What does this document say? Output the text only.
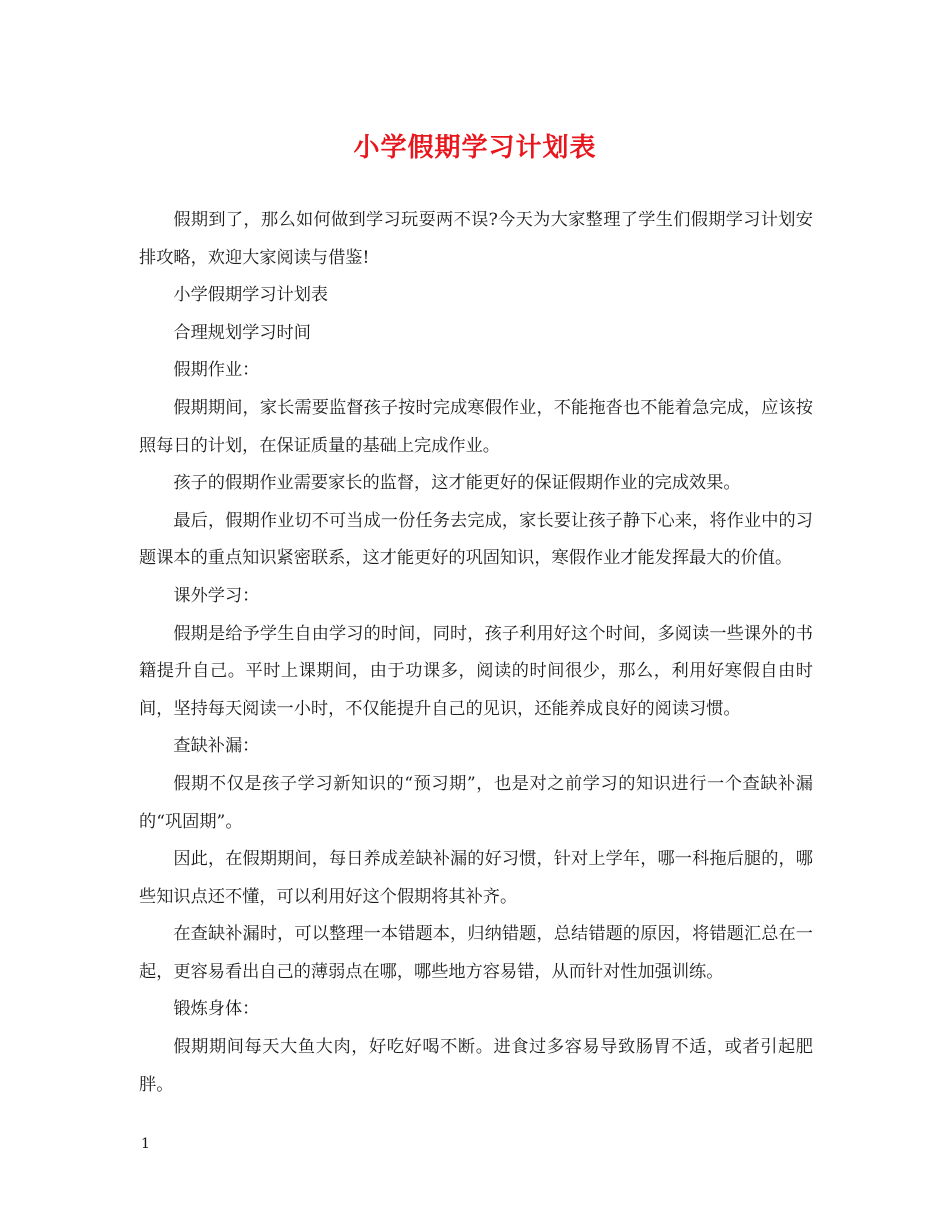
小学假期学习计划表

假期到了，那么如何做到学习玩耍两不误?今天为大家整理了学生们假期学习计划安排攻略，欢迎大家阅读与借鉴!

小学假期学习计划表

合理规划学习时间

假期作业：

假期期间，家长需要监督孩子按时完成寒假作业，不能拖沓也不能着急完成，应该按照每日的计划，在保证质量的基础上完成作业。

孩子的假期作业需要家长的监督，这才能更好的保证假期作业的完成效果。

最后，假期作业切不可当成一份任务去完成，家长要让孩子静下心来，将作业中的习题课本的重点知识紧密联系，这才能更好的巩固知识，寒假作业才能发挥最大的价值。

课外学习：

假期是给予学生自由学习的时间，同时，孩子利用好这个时间，多阅读一些课外的书籍提升自己。平时上课期间，由于功课多，阅读的时间很少，那么，利用好寒假自由时间，坚持每天阅读一小时，不仅能提升自己的见识，还能养成良好的阅读习惯。

查缺补漏：

假期不仅是孩子学习新知识的“预习期”，也是对之前学习的知识进行一个查缺补漏的“巩固期”。

因此，在假期期间，每日养成差缺补漏的好习惯，针对上学年，哪一科拖后腿的，哪些知识点还不懂，可以利用好这个假期将其补齐。

在查缺补漏时，可以整理一本错题本，归纳错题，总结错题的原因，将错题汇总在一起，更容易看出自己的薄弱点在哪，哪些地方容易错，从而针对性加强训练。

锻炼身体：

假期期间每天大鱼大肉，好吃好喝不断。进食过多容易导致肠胃不适，或者引起肥胖。

1
